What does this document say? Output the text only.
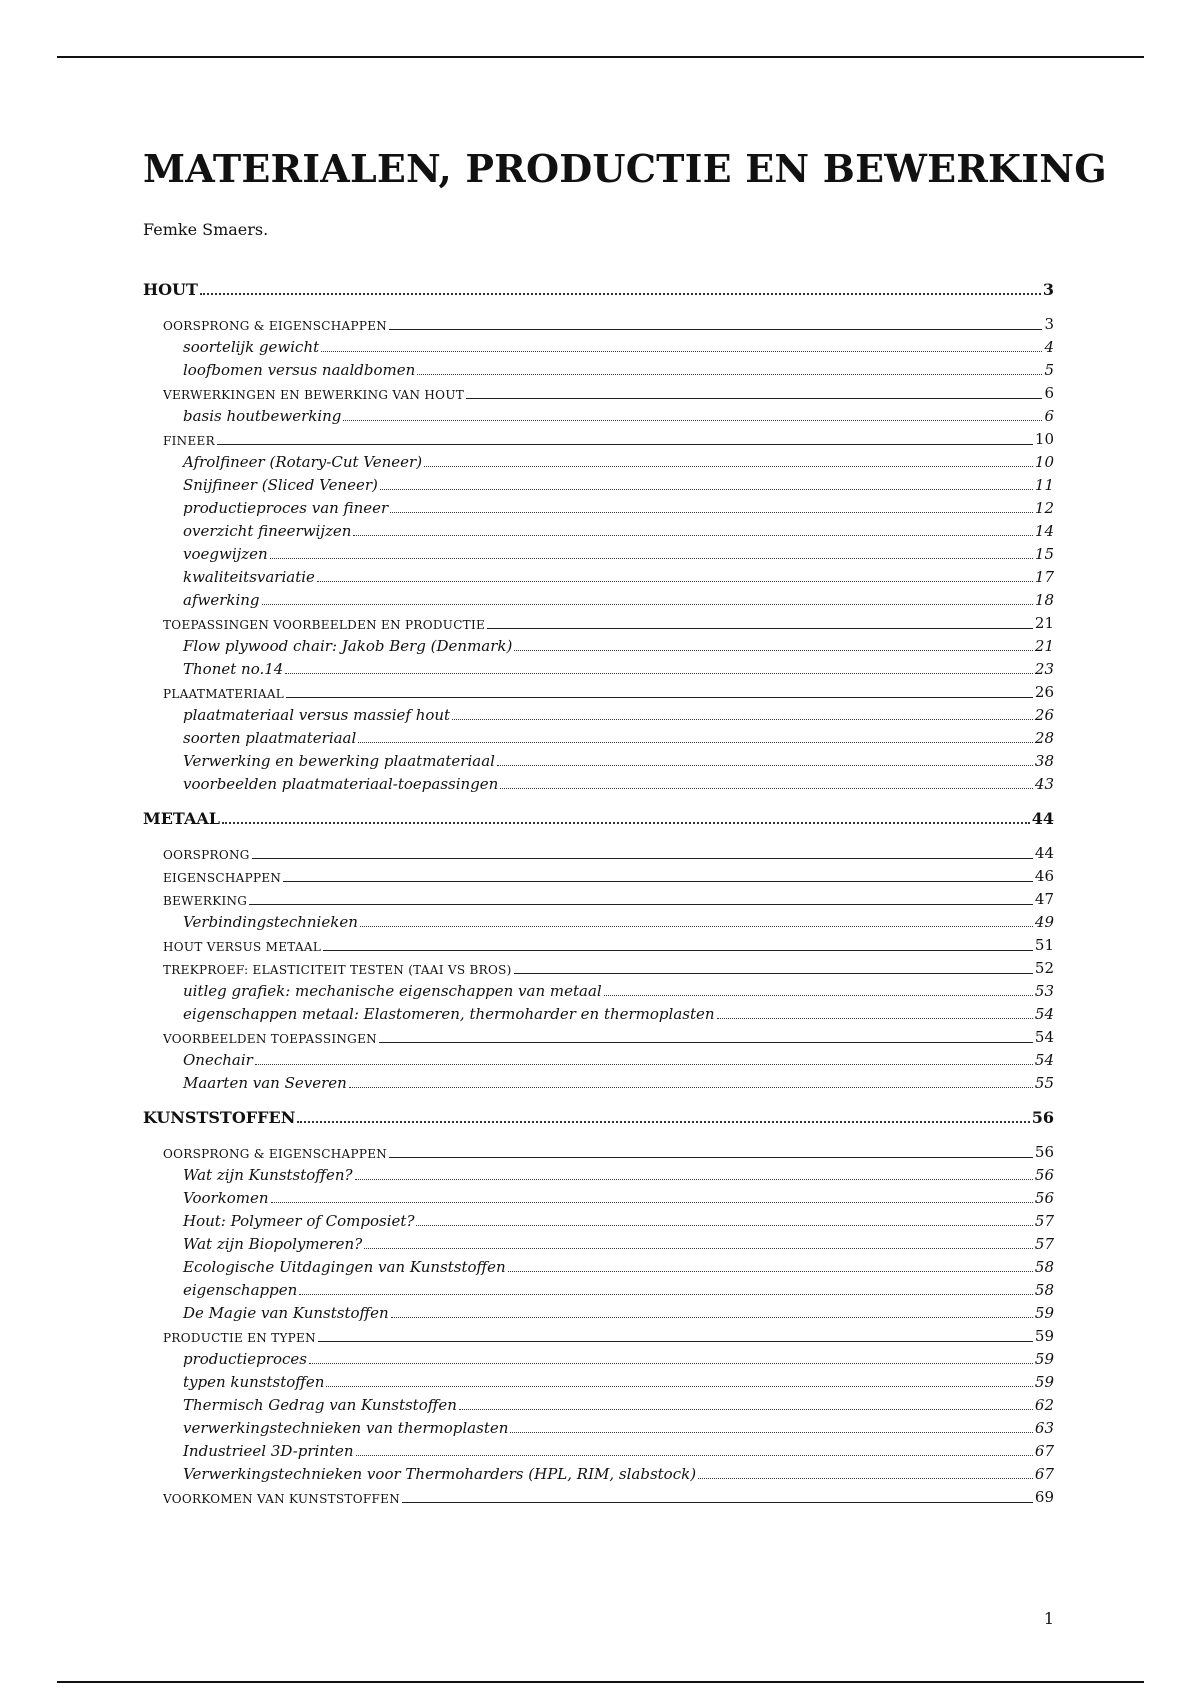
MATERIALEN, PRODUCTIE EN BEWERKING
Femke Smaers.
HOUT	3
OORSPRONG & EIGENSCHAPPEN	3
soortelijk gewicht	4
loofbomen versus naaldbomen	5
VERWERKINGEN EN BEWERKING VAN HOUT	6
basis houtbewerking	6
FINEER	10
Afrolfineer (Rotary-Cut Veneer)	10
Snijfineer (Sliced Veneer)	11
productieproces van fineer	12
overzicht fineerwijzen	14
voegwijzen	15
kwaliteitsvariatie	17
afwerking	18
TOEPASSINGEN VOORBEELDEN EN PRODUCTIE	21
Flow plywood chair: Jakob Berg (Denmark)	21
Thonet no.14	23
PLAATMATERIAAL	26
plaatmateriaal versus massief hout	26
soorten plaatmateriaal	28
Verwerking en bewerking plaatmateriaal	38
voorbeelden plaatmateriaal-toepassingen	43
METAAL	44
OORSPRONG	44
EIGENSCHAPPEN	46
BEWERKING	47
Verbindingstechnieken	49
HOUT VERSUS METAAL	51
TREKPROEF: ELASTICITEIT TESTEN (TAAI VS BROS)	52
uitleg grafiek: mechanische eigenschappen van metaal	53
eigenschappen metaal: Elastomeren, thermoharder en thermoplasten	54
VOORBEELDEN TOEPASSINGEN	54
Onechair	54
Maarten van Severen	55
KUNSTSTOFFEN	56
OORSPRONG & EIGENSCHAPPEN	56
Wat zijn Kunststoffen?	56
Voorkomen	56
Hout: Polymeer of Composiet?	57
Wat zijn Biopolymeren?	57
Ecologische Uitdagingen van Kunststoffen	58
eigenschappen	58
De Magie van Kunststoffen	59
PRODUCTIE EN TYPEN	59
productieproces	59
typen kunststoffen	59
Thermisch Gedrag van Kunststoffen	62
verwerkingstechnieken van thermoplasten	63
Industrieel 3D-printen	67
Verwerkingstechnieken voor Thermoharders (HPL, RIM, slabstock)	67
VOORKOMEN VAN KUNSTSTOFFEN	69
1
